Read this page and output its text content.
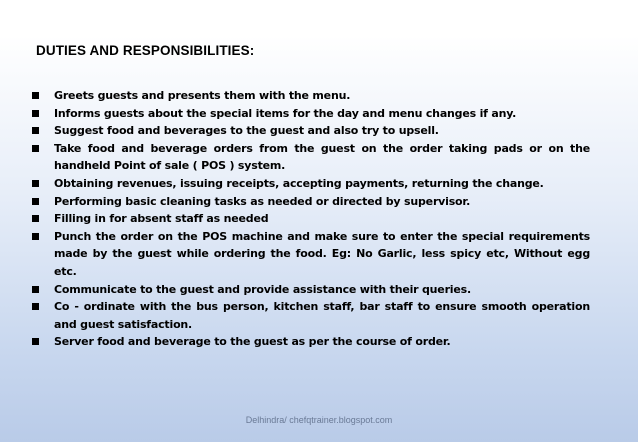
DUTIES AND RESPONSIBILITIES:
Greets guests and presents them with the menu.
Informs guests about the special items for the day and menu changes if any.
Suggest food and beverages to the guest and also try to upsell.
Take food and beverage orders from the guest on the order taking pads or on the handheld Point of sale ( POS ) system.
Obtaining revenues, issuing receipts, accepting payments, returning the change.
Performing basic cleaning tasks as needed or directed by supervisor.
Filling in for absent staff as needed
Punch the order on the POS machine and make sure to enter the special requirements made by the guest while ordering the food. Eg: No Garlic, less spicy etc, Without egg etc.
Communicate to the guest and provide assistance with their queries.
Co - ordinate with the bus person, kitchen staff, bar staff to ensure smooth operation and guest satisfaction.
Server food and beverage to the guest as per the course of order.
Delhindra/ chefqtrainer.blogspot.com
